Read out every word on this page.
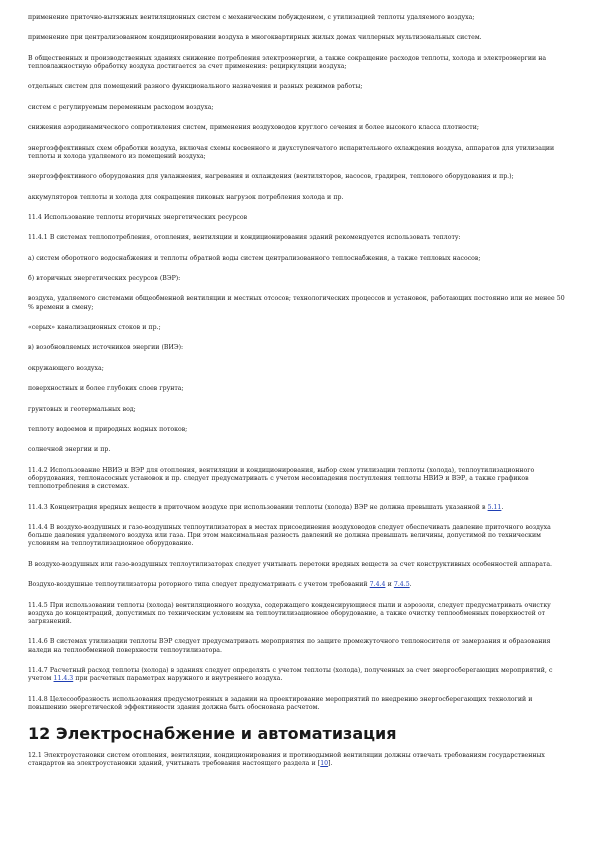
применение приточно-вытяжных вентиляционных систем с механическим побуждением, с утилизацией теплоты удаляемого воздуха;

применение при централизованном кондиционировании воздуха в многоквартирных жилых домах чиллерных мультизональных систем.

В общественных и производственных зданиях снижение потребления электроэнергии, а также сокращение расходов теплоты, холода и электроэнергии на тепловлажностную обработку воздуха достигается за счет применения: рециркуляции воздуха;

отдельных систем для помещений разного функционального назначения и разных режимов работы;

систем с регулируемым переменным расходом воздуха;

снижения аэродинамического сопротивления систем, применения воздуховодов круглого сечения и более высокого класса плотности;

энергоэффективных схем обработки воздуха, включая схемы косвенного и двухступенчатого испарительного охлаждения воздуха, аппаратов для утилизации теплоты и холода удаляемого из помещений воздуха;

энергоэффективного оборудования для увлажнения, нагревания и охлаждения (вентиляторов, насосов, градирен, теплового оборудования и пр.);

аккумуляторов теплоты и холода для сокращения пиковых нагрузок потребления холода и пр.

11.4 Использование теплоты вторичных энергетических ресурсов

11.4.1 В системах теплопотребления, отопления, вентиляции и кондиционирования зданий рекомендуется использовать теплоту:

а) систем оборотного водоснабжения и теплоты обратной воды систем централизованного теплоснабжения, а также тепловых насосов;

б) вторичных энергетических ресурсов (ВЭР):

воздуха, удаляемого системами общеобменной вентиляции и местных отсосов; технологических процессов и установок, работающих постоянно или не менее 50 % времени в смену;

«серых» канализационных стоков и пр.;

в) возобновляемых источников энергии (ВИЭ):

окружающего воздуха;

поверхностных и более глубоких слоев грунта;

грунтовых и геотермальных вод;

теплоту водоемов и природных водных потоков;

солнечной энергии и пр.

11.4.2 Использование НВИЭ и ВЭР для отопления, вентиляции и кондиционирования, выбор схем утилизации теплоты (холода), теплоутилизационного оборудования, теплонасосных установок и пр. следует предусматривать с учетом несовпадения поступления теплоты НВИЭ и ВЭР, а также графиков теплопотребления в системах.

11.4.3 Концентрация вредных веществ в приточном воздухе при использовании теплоты (холода) ВЭР не должна превышать указанной в 5.11.

11.4.4 В воздухо-воздушных и газо-воздушных теплоутилизаторах в местах присоединения воздуховодов следует обеспечивать давление приточного воздуха больше давления удаляемого воздуха или газа. При этом максимальная разность давлений не должна превышать величины, допустимой по техническим условиям на теплоутилизационное оборудование.

В воздухо-воздушных или газо-воздушных теплоутилизаторах следует учитывать перетоки вредных веществ за счет конструктивных особенностей аппарата.

Воздухо-воздушные теплоутилизаторы роторного типа следует предусматривать с учетом требований 7.4.4 и 7.4.5.

11.4.5 При использовании теплоты (холода) вентиляционного воздуха, содержащего конденсирующиеся пыли и аэрозоли, следует предусматривать очистку воздуха до концентраций, допустимых по техническим условиям на теплоутилизационное оборудование, а также очистку теплообменных поверхностей от загрязнений.

11.4.6 В системах утилизации теплоты ВЭР следует предусматривать мероприятия по защите промежуточного теплоносителя от замерзания и образования наледи на теплообменной поверхности теплоутилизатора.

11.4.7 Расчетный расход теплоты (холода) в зданиях следует определять с учетом теплоты (холода), полученных за счет энергосберегающих мероприятий, с учетом 11.4.3 при расчетных параметрах наружного и внутреннего воздуха.

11.4.8 Целесообразность использования предусмотренных в задании на проектирование мероприятий по внедрению энергосберегающих технологий и повышению энергетической эффективности здания должна быть обоснована расчетом.

12 Электроснабжение и автоматизация

12.1 Электроустановки систем отопления, вентиляции, кондиционирования и противодымной вентиляции должны отвечать требованиям государственных стандартов на электроустановки зданий, учитывать требования настоящего раздела и [10].
